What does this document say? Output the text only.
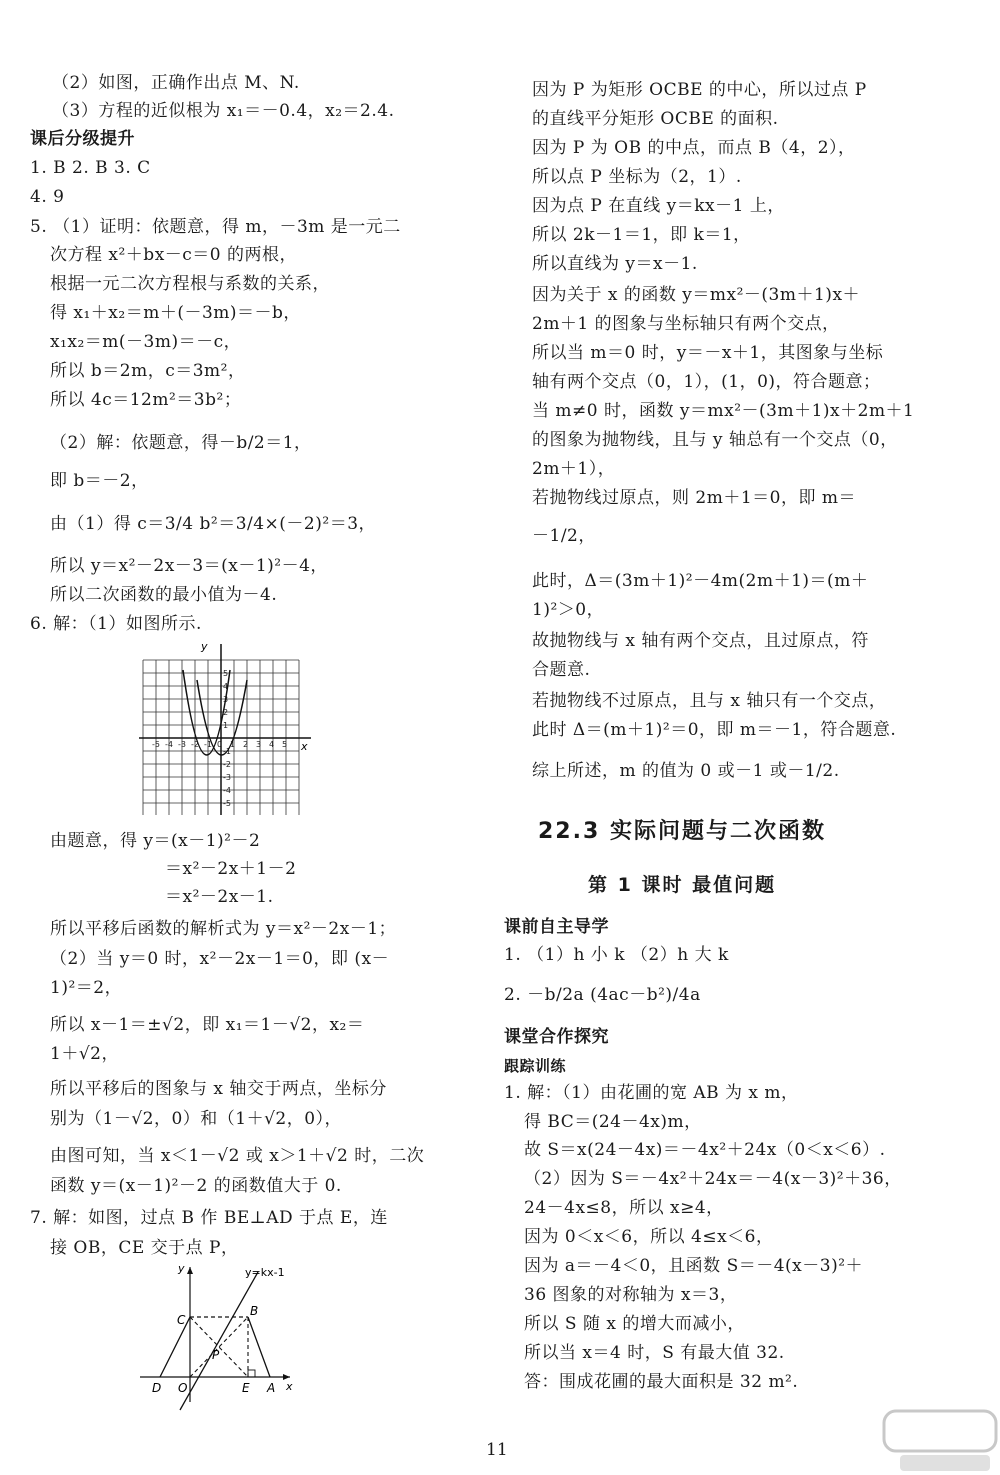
（2）如图，正确作出点 M、N.
（3）方程的近似根为 x₁＝－0.4，x₂＝2.4.
课后分级提升
1. B 2. B 3. C
4. 9
5. （1）证明：依题意，得 m，－3m 是一元二
次方程 x²＋bx－c＝0 的两根，
根据一元二次方程根与系数的关系，
得 x₁＋x₂＝m＋(－3m)＝－b，
x₁x₂＝m(－3m)＝－c，
所以 b＝2m，c＝3m²，
所以 4c＝12m²＝3b²；
（2）解：依题意，得－b/2＝1，
即 b＝－2，
由（1）得 c＝3/4 b²＝3/4×(－2)²＝3，
所以 y＝x²－2x－3＝(x－1)²－4，
所以二次函数的最小值为－4.
6. 解：（1）如图所示.
-5 -4 -3 -2 -1 0 1 2 3 4 5
5
4
3
2
1
-1
-2
-3
-4
-5
y
x
由题意，得 y＝(x－1)²－2
＝x²－2x＋1－2
＝x²－2x－1.
所以平移后函数的解析式为 y＝x²－2x－1；
（2）当 y＝0 时，x²－2x－1＝0，即 (x－
1)²＝2，
所以 x－1＝±√2，即 x₁＝1－√2，x₂＝
1＋√2，
所以平移后的图象与 x 轴交于两点，坐标分
别为（1－√2，0）和（1＋√2，0），
由图可知，当 x＜1－√2 或 x＞1＋√2 时，二次
函数 y＝(x－1)²－2 的函数值大于 0.
7. 解：如图，过点 B 作 BE⊥AD 于点 E，连
接 OB，CE 交于点 P，
y=kx-1
y
x
C
B
P
D O	E A
因为 P 为矩形 OCBE 的中心，所以过点 P
的直线平分矩形 OCBE 的面积.
因为 P 为 OB 的中点，而点 B（4，2），
所以点 P 坐标为（2，1）.
因为点 P 在直线 y＝kx－1 上，
所以 2k－1＝1，即 k＝1，
所以直线为 y＝x－1.
因为关于 x 的函数 y＝mx²－(3m＋1)x＋
2m＋1 的图象与坐标轴只有两个交点，
所以当 m＝0 时，y＝－x＋1，其图象与坐标
轴有两个交点（0，1），(1，0)，符合题意；
当 m≠0 时，函数 y＝mx²－(3m＋1)x＋2m＋1
的图象为抛物线，且与 y 轴总有一个交点（0，
2m＋1），
若抛物线过原点，则 2m＋1＝0，即 m＝
－1/2，
此时，Δ＝(3m＋1)²－4m(2m＋1)＝(m＋
1)²＞0，
故抛物线与 x 轴有两个交点，且过原点，符
合题意.
若抛物线不过原点，且与 x 轴只有一个交点，
此时 Δ＝(m＋1)²＝0，即 m＝－1，符合题意.
综上所述，m 的值为 0 或－1 或－1/2.
22.3 实际问题与二次函数
第 1 课时 最值问题
课前自主导学
1. （1）h 小 k （2）h 大 k
2. －b/2a (4ac－b²)/4a
课堂合作探究
跟踪训练
1. 解：（1）由花圃的宽 AB 为 x m，
得 BC＝(24－4x)m，
故 S＝x(24－4x)＝－4x²＋24x（0＜x＜6）.
（2）因为 S＝－4x²＋24x＝－4(x－3)²＋36，
24－4x≤8，所以 x≥4，
因为 0＜x＜6，所以 4≤x＜6，
因为 a＝－4＜0，且函数 S＝－4(x－3)²＋
36 图象的对称轴为 x＝3，
所以 S 随 x 的增大而减小，
所以当 x＝4 时，S 有最大值 32.
答：围成花圃的最大面积是 32 m².
11
